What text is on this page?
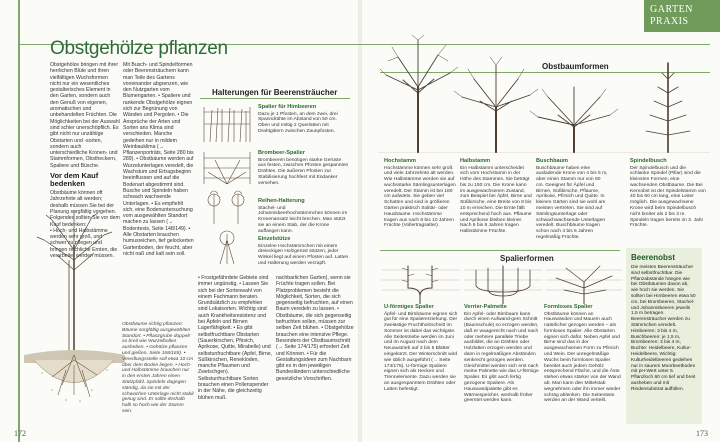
GARTEN
PRAXIS
Obstgehölze pflanzen

Obstgehölze bringen mit ihrer herrlichen Blüte und ihren vielfältigen Wuchsformen nicht nur ein wesentliches gestalterisches Element in den Garten, sondern auch den Genuß von eigenen, aromatischen und unbehandelten Früchten. Die Möglichkeiten bei der Auswahl sind schier unerschöpflich. Es gibt nicht nur unzählige Obstarten und -sorten, sondern auch unterschiedliche Kronen- und Stammformen, Obstheckern, Spaliere und Büsche.

Vor dem Kauf bedenken

Obstbäume können oft Jahrzehnte alt werden; deshalb müssen Sie bei der Planung sorgfältig vorgehen. Folgendes sollten Sie vor dem Kauf bedenken:

• Hoch- und Halbstämme werden sehr groß, und schwer zu pflegen und bringen reichliche Ernten, die verarbeitet werden müssen.

Mit Busch- und Spindelformen oder Beerensträuchern kann man Teile des Gartens voneinander abgrenzen, wie den Nutzgarten vom Blumengarten. • Spaliere und rankende Obstgehölze eignen sich zur Begrünung von Wänden und Pergolen. • Die Ansprüche der Arten und Sorten ans Klima sind verschieden. Manche gedeihen nur in mildem Weinbauklima (→ Pflanzenporträts, Seite 280 bis 289). • Obstbäume werden auf Wurzelunterlagen veredelt, die Wachstum und Ertragsbeginn beeinflussen und auf die Bodenart abgestimmt sind. Busche und Spindeln haben schwach wachsende Unterlagen. • Es empfiehlt sich, eine Bodenuntersuchung vom ausgewählten Standort machen zu lassen (→ Bodentests, Seite 148/149). • Alle Obstarten brauchen humusreichen, tief gelockerten Gartenboden, der feucht, aber nicht naß und kalt sein soll.

• Frostgefährdete Gebiete sind immer ungünstig. • Lassen Sie sich bei der Sortenwahl von einem Fachmann beraten. Grundsätzlich zu empfehlen sind Lokalsorten. Wichtig sind auch Krankheitsresistenz und bei Äpfeln und Birnen Lagerfähigkeit. • Es gibt selbstfruchtbare Obstarten (Sauerkirschen, Pfirsich, Aprikose, Quitte, Mirabelle) und selbstunfruchtbare (Apfel, Birne, Süßkirschen, Renekloden, manche Pflaumen und Zwetschgen). Selbstunfruchtbare Sorten brauchen einen Pollenspender in der Nähe, die gleichzeitig blühen muß.

nachbarlichen Garten), wenn sie Früchte tragen sollen. Bei Platzproblemen besteht die Möglichkeit, Sorten, die sich gegenseitig befruchten, auf einen Baum veredeln zu lassen. • Obstbäume, die sich gegenseitig befruchten sollen, müssen zur selben Zeit blühen. • Obstgehölze brauchen eine intensive Pflege. Besonders der Obstbaumschnitt (→ Seite 174/175) erfordert Zeit und Können. • Für die Gestaltungsideen zum Nachbarn gibt es in den jeweiligen Bundesländern unterschiedliche gesetzliche Vorschriften.

Obstbäume richtig pflanzen: Bäume sorgfältig ausgewählten Standort. • Pflanzgrube doppelt so breit wie Wurzelballen ausheben. • Gehölze pflanzen und gießen, Seite 168/169). • Veredlungsstelle soll etwa 10 cm über dem Boden liegen. • Hoch- und Halbstämme brauchen nur in den ersten Jahren einen Stützpfahl. Spindeln dagegen ständig, da sie mit der schwachen Unterlage nicht stabil genug sind. Er sollte deshalb halb so hoch wie der Stamm sein.
Halterungen für Beerensträucher
Spalier für Himbeeren
Dazu je 1 Pfosten, an dem zwei, drei Spanndrähte im Abstand von 50 cm. Oben und mittig 2 Querlatten mit Drahtgittern zwischen Zaunpfosten.
Brombeer-Spalier
Brombeeren benötigen starke Gerüste aus festen, zwischen Pfosten gespannten Drähten. Die äußeren Pfosten zur Stabilisierung hochfest mit Endanker versehen.
Reihen-Halterung
Stachel- und Johannisbeerhochstämmchen können im Kronenansatz leicht brechen. Man stützt sie an einem Stab, der die Krone auffangen kann.
Einzelstütze
Einzelne Hochstämmchen mit einem dreieckigen Holzgerüst stützen, jeder Winkel liegt auf einem Pfosten auf. Latten und Halterung werden verzapft.
Obstbaumformen
Hochstamm
Hochstämme können sehr groß und viele Jahrzehnte alt werden. Wie Halbstämme werden sie auf wuchsstarke Sämlingsunterlagen veredelt. Der Stamm ist bei 180 cm aufwärts. Sie geben viel Schatten und sind in größeren Gärten praktisch Solitär- oder Hausbäume. Hochstämme tragen aus nach 8 bis 10 Jahren Früchte (Vollertragsalter).
Halbstamm
Ein Halbstamm unterscheidet sich vom Hochstamm in der Höhe des Stammes. Sie beträgt bis zu 150 cm. Die Krone kann im ausgewachsenen Zustand, zum Beispiel bei Äpfel, Birne und Süßkirsche, eine Breite von 8 bis 10 m erreichen. Die Ernte fällt entsprechend hoch aus. Pflaume und Aprikose bleiben kleiner. Nach 6 bis 8 Jahren tragen Halbstämme Früchte.
Buschbaum
Buschbäume haben eine ausladende Krone von 4 bis 5 m, aber einen Stamm nur von 60 cm. Geeignet für Äpfel und Birnen, Süßkirsche, Pflaume, Aprikose, Pfirsich und Quitte. In kleinen Gärten sind sie wohl am meisten vertreten. Sie sind auf Sämlingsunterlage oder schwachwachsende Unterlagen veredelt. Buschbäume tragen schon nach 4 bis 5 Jahren regelmäßig Früchte.
Spindelbusch
Der Spindelbusch und die schlanke Spindel (Pillar) sind die kleinsten Formen; eine wachsenden Obstbäume. Die Bei Kernobst ist der Spindelstamm von 40 bis 60 cm lang, eine Leiter möglich. Die ausgewachsene Krone wird beim Spindelbusch nicht breiter als 2 bis 3 m. Spindeln tragen bereits im 3. Jahr Früchte.
Spalierformen
U-förmiges Spalier
Äpfel- und Birnbäume eignen sich gut für eine Spaliererziehung. Der zweiästige Fruchtholzschnitt im Sommer ist dabei das wichtigste. Alle Seitentriebe werden im Juni und im August nach dem Neuaustrieb auf 3 bis 5 Blätter eingekürzt. Der Winterschnitt wird wie üblich ausgeführt (→ Seite 174/175). U-förmige Spaliere eignen sich als Hecken und Trennelemente. Dazu werden sie an ausgespanntem Drähten oder Latten befestigt.
Verrier-Palmette
Ein Apfel- oder Birnbaum kann durch einen Aufwand-gern Schnitt (Baumschule) so erzogen werden, daß er waagerecht nach und nach oder mehrere parallele Triebe ausbildet, die an Drähten oder Holzlatten erzogen werden und dann in regelmäßigen Abständen senkrecht gezogen werden. Gleichmittel werden sich erst nach meine Palmette wie das U-förmige Spalier. Es gibt auch fertig gezogene Spaliere. Als Hauswandpalette gibt es Wärmespeicher, weshalb früher geerntet werden kann.
Formloses Spalier
Obstbäume können an Hauswänden und Mauern auch natürlicher gezogen werden – als formloses Spalier. Alle Obstarten eignen sich dafür. Neben Apfel und Birne sind das in der ausgewachsenen Form zu Pfirsich und Wein. Der unregelmäßige Wuchs beim formlosen Spalier bereitet auch jedem Gehölz entsprechend Fläche, und die Äste stehen etwas stärker von der Wand ab. Man kann den Mittelstab wegnehmen oder ihn immer wieder schräg ablenken. Die Seitenäste werden an der Wand verteilt.
Beerenobst
Die meisten Beerensträucher sind selbstfruchtbar. Die Pflanzabstände hängen wie bei Obstbäumen davon ab, wie hoch sie werden. Sie sollten bei Himbeeren etwa 50 cm, bei Brombeeren, Stachel- und Johannisbeeren jeweils 1,5 m betragen. Beerensträucher werden zu Stämmchen veredelt. Himbeeren: 3 bis 4 m, Buschbeeren: je 1,5 m, Brombeeren: 3 bis 4 m, Buchte: Heidelbeere, Kultur-Heidelbeere, Wichtig: Kulturheidelbeeren gedeihen nur in saurem Moorbeetboden mit pH-Wert unter 5. Pflanzloch 60 cm tief und breit ausheben und mit Rindensubstrat auffüllen.
172	173
